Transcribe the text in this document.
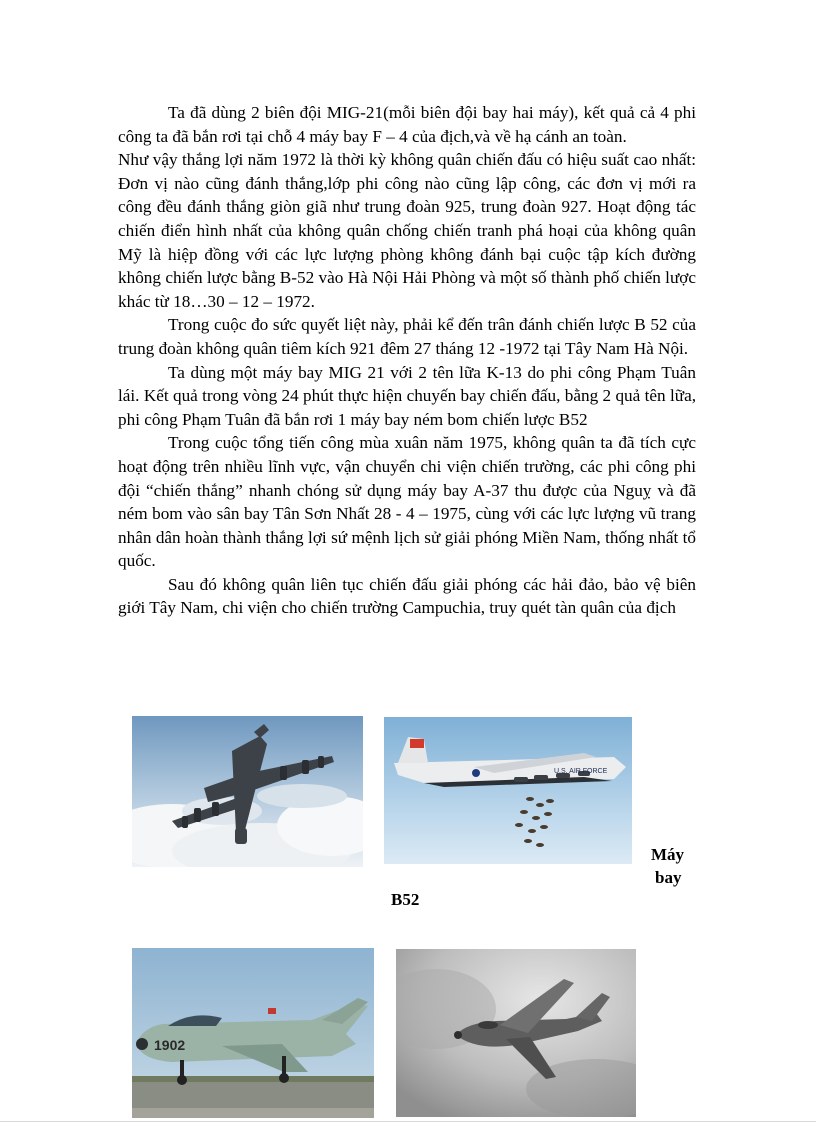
Ta đã dùng 2 biên đội MIG-21(mỗi biên đội bay hai máy), kết quả cả 4 phi công ta đã bắn rơi tại chỗ 4 máy bay F – 4 của địch,và về hạ cánh an toàn.

Như vậy thắng lợi năm 1972 là thời kỳ không quân chiến đấu có hiệu suất cao nhất: Đơn vị nào cũng đánh thắng,lớp phi công nào cũng lập công, các đơn vị mới ra công đều đánh thắng giòn giã như trung đoàn 925, trung đoàn 927. Hoạt động tác chiến điển hình nhất của không quân chống chiến tranh phá hoại của không quân Mỹ là hiệp đồng với các lực lượng phòng không đánh bại cuộc tập kích đường không chiến lược bằng B-52 vào Hà Nội Hải Phòng và một số thành phố chiến lược khác từ 18…30 – 12 – 1972.

Trong cuộc đo sức quyết liệt này, phải kể đến trân đánh chiến lược B 52 của trung đoàn không quân tiêm kích 921 đêm 27 tháng 12 -1972 tại Tây Nam Hà Nội.

Ta dùng một máy bay MIG 21 với 2 tên lữa K-13 do phi công Phạm Tuân lái. Kết quả trong vòng 24 phút thực hiện chuyến bay chiến đấu, bằng 2 quả tên lữa, phi công Phạm Tuân đã bắn rơi 1 máy bay ném bom chiến lược B52

Trong cuộc tổng tiến công mùa xuân năm 1975, không quân ta đã tích cực hoạt động trên nhiều lĩnh vực, vận chuyển chi viện chiến trường, các phi công phi đội “chiến thắng” nhanh chóng sử dụng máy bay A-37 thu được của Nguỵ và đã ném bom vào sân bay Tân Sơn Nhất 28 - 4 – 1975, cùng với các lực lượng vũ trang nhân dân hoàn thành thắng lợi sứ mệnh lịch sử giải phóng Miền Nam, thống nhất tổ quốc.

Sau đó không quân liên tục chiến đấu giải phóng các hải đảo, bảo vệ biên giới Tây Nam, chi viện cho chiến trường Campuchia, truy quét tàn quân của địch

U.S. AIR FORCE
Máy
bay
B52
1902
